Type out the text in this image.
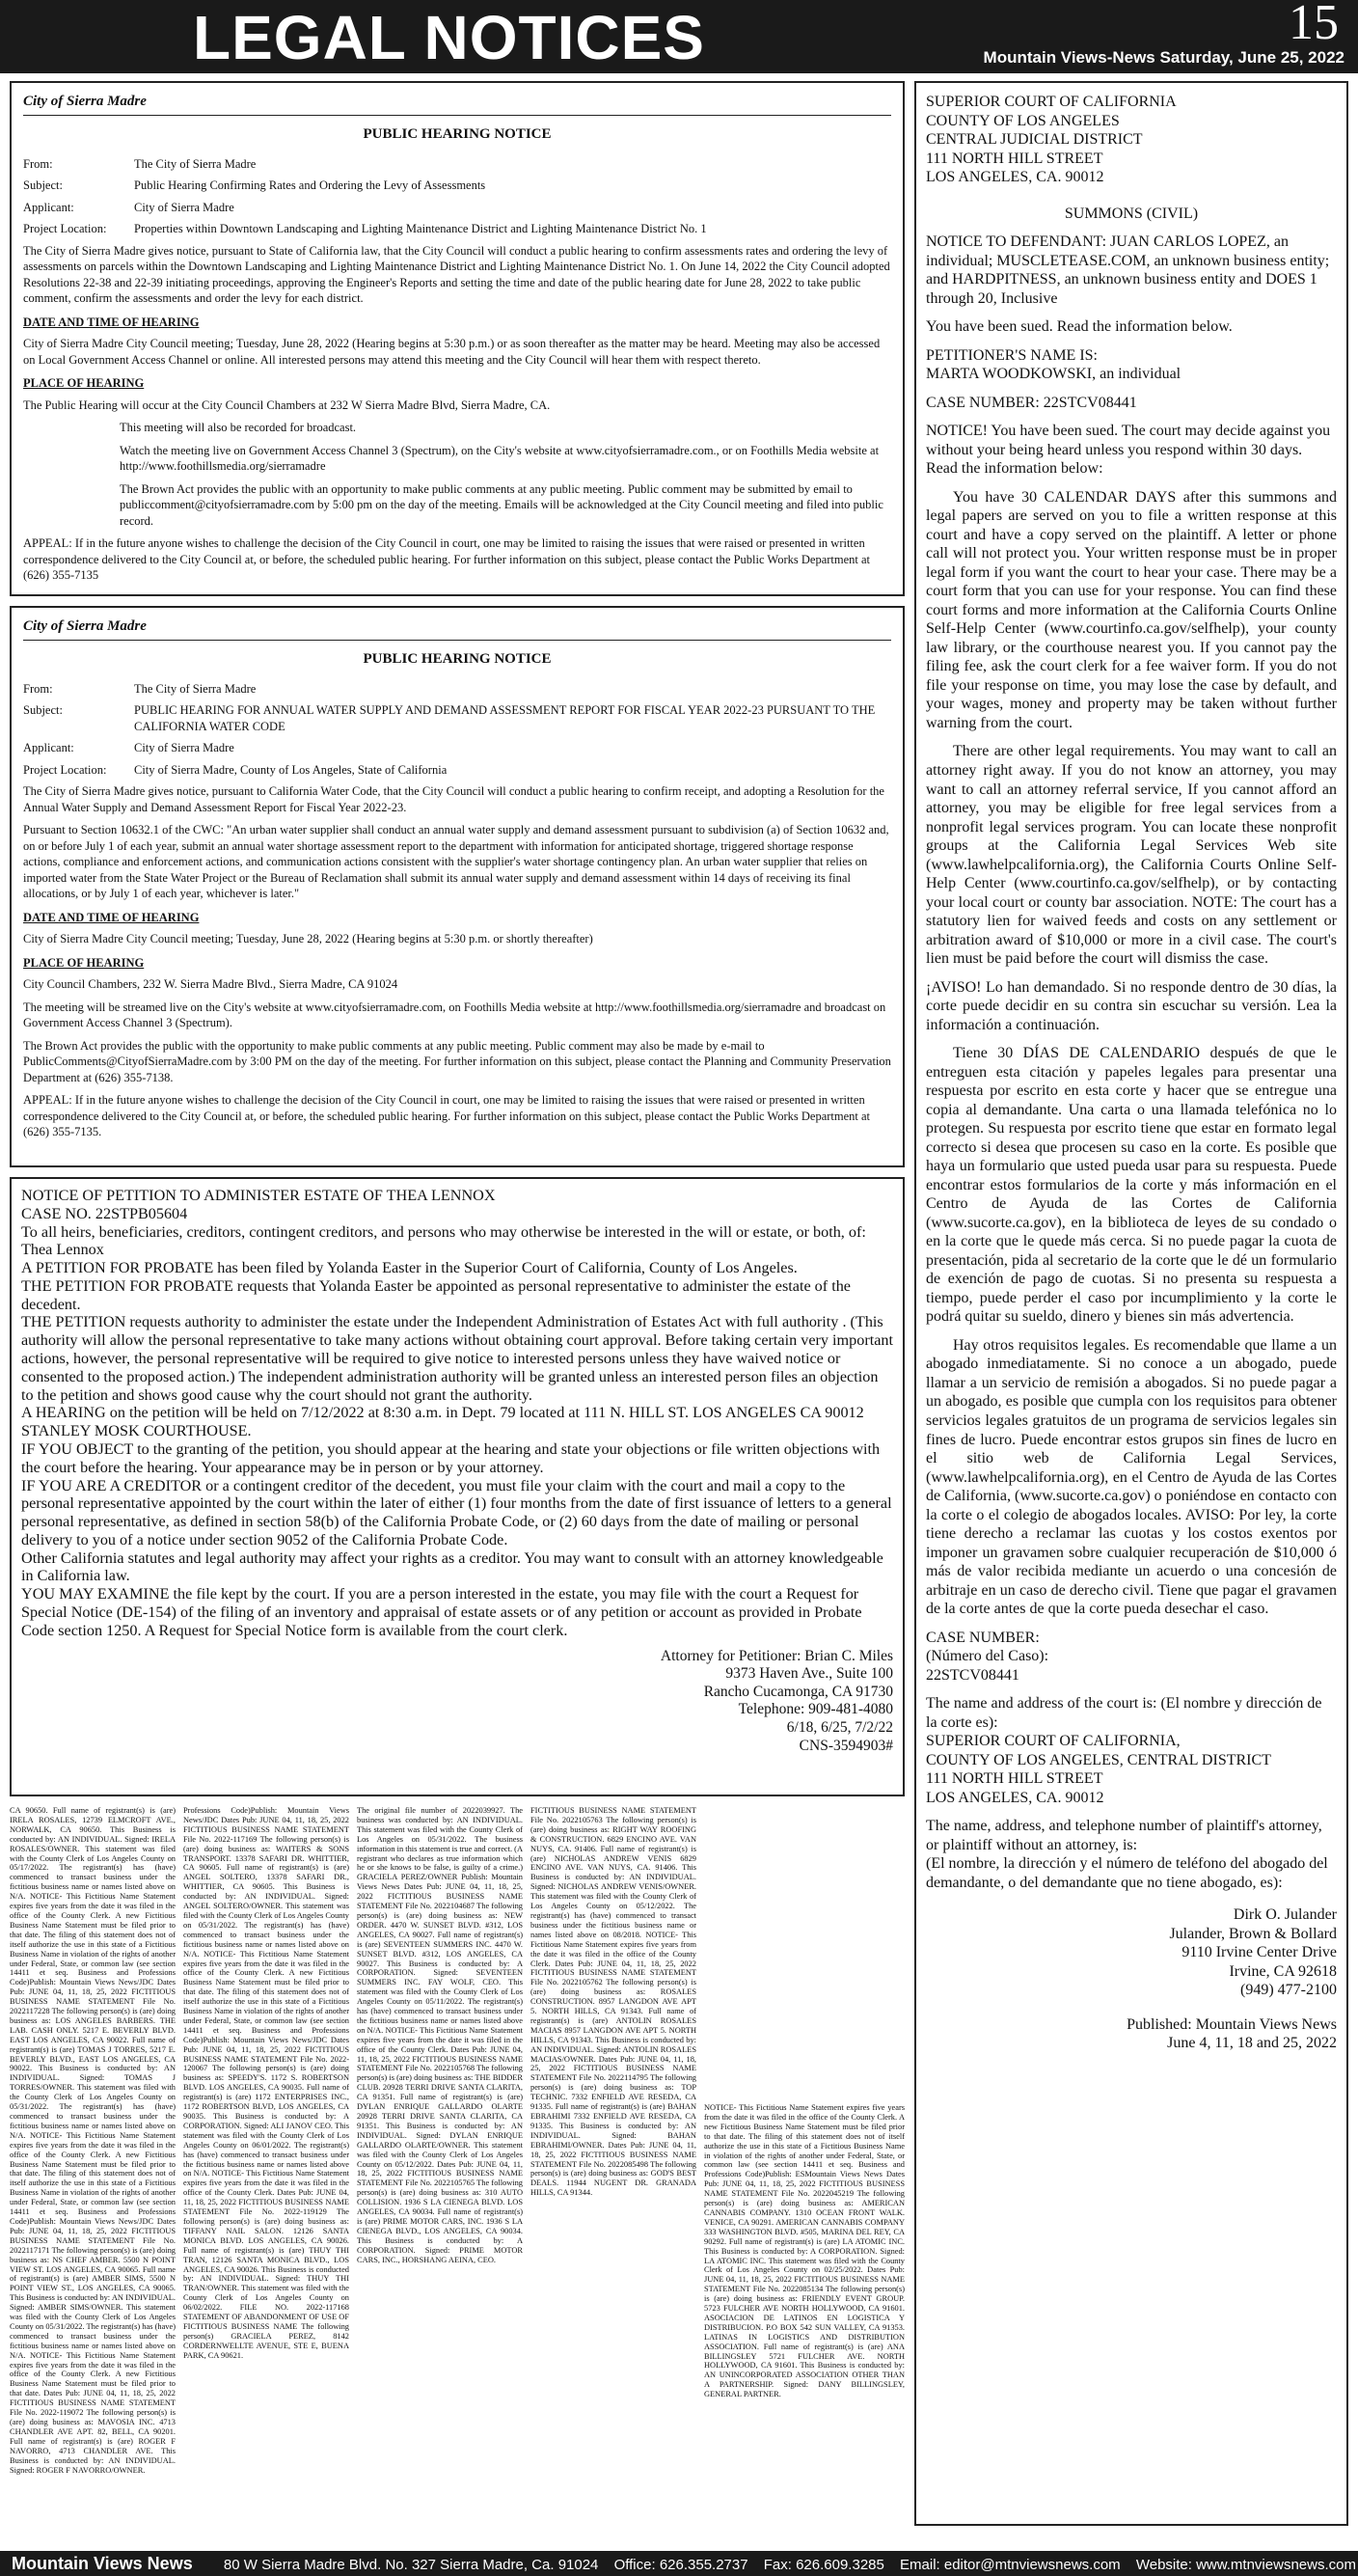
LEGAL NOTICES	15
Mountain Views-News Saturday, June 25, 2022
City of Sierra Madre
PUBLIC HEARING NOTICE
From:	The City of Sierra Madre
Subject:	Public Hearing Confirming Rates and Ordering the Levy of Assessments
Applicant:	City of Sierra Madre
Project Location:	Properties within Downtown Landscaping and Lighting Maintenance District and Lighting Maintenance District No. 1

The City of Sierra Madre gives notice, pursuant to State of California law, that the City Council will conduct a public hearing to confirm assessments rates and ordering the levy of assessments on parcels within the Downtown Landscaping and Lighting Maintenance District and Lighting Maintenance District No. 1. On June 14, 2022 the City Council adopted Resolutions 22-38 and 22-39 initiating proceedings, approving the Engineer's Reports and setting the time and date of the public hearing date for June 28, 2022 to take public comment, confirm the assessments and order the levy for each district.

DATE AND TIME OF HEARING

City of Sierra Madre City Council meeting; Tuesday, June 28, 2022 (Hearing begins at 5:30 p.m.) or as soon thereafter as the matter may be heard. Meeting may also be accessed on Local Government Access Channel or online. All interested persons may attend this meeting and the City Council will hear them with respect thereto.

PLACE OF HEARING

The Public Hearing will occur at the City Council Chambers at 232 W Sierra Madre Blvd, Sierra Madre, CA.

This meeting will also be recorded for broadcast.

Watch the meeting live on Government Access Channel 3 (Spectrum), on the City's website at www.cityofsierramadre.com., or on Foothills Media website at http://www.foothillsmedia.org/sierramadre

The Brown Act provides the public with an opportunity to make public comments at any public meeting. Public comment may be submitted by email to publiccomment@cityofsierramadre.com by 5:00 pm on the day of the meeting. Emails will be acknowledged at the City Council meeting and filed into public record.

APPEAL: If in the future anyone wishes to challenge the decision of the City Council in court, one may be limited to raising the issues that were raised or presented in written correspondence delivered to the City Council at, or before, the scheduled public hearing. For further information on this subject, please contact the Public Works Department at (626) 355-7135

City of Sierra Madre
PUBLIC HEARING NOTICE
From:	The City of Sierra Madre
Subject:	PUBLIC HEARING FOR ANNUAL WATER SUPPLY AND DEMAND ASSESSMENT REPORT FOR FISCAL YEAR 2022-23 PURSUANT TO THE CALIFORNIA WATER CODE
Applicant:	City of Sierra Madre
Project Location:	City of Sierra Madre, County of Los Angeles, State of California

The City of Sierra Madre gives notice, pursuant to California Water Code, that the City Council will conduct a public hearing to confirm receipt, and adopting a Resolution for the Annual Water Supply and Demand Assessment Report for Fiscal Year 2022-23.

Pursuant to Section 10632.1 of the CWC: "An urban water supplier shall conduct an annual water supply and demand assessment pursuant to subdivision (a) of Section 10632 and, on or before July 1 of each year, submit an annual water shortage assessment report to the department with information for anticipated shortage, triggered shortage response actions, compliance and enforcement actions, and communication actions consistent with the supplier's water shortage contingency plan. An urban water supplier that relies on imported water from the State Water Project or the Bureau of Reclamation shall submit its annual water supply and demand assessment within 14 days of receiving its final allocations, or by July 1 of each year, whichever is later."

DATE AND TIME OF HEARING

City of Sierra Madre City Council meeting; Tuesday, June 28, 2022 (Hearing begins at 5:30 p.m. or shortly thereafter)

PLACE OF HEARING

City Council Chambers, 232 W. Sierra Madre Blvd., Sierra Madre, CA 91024

The meeting will be streamed live on the City's website at www.cityofsierramadre.com, on Foothills Media website at http://www.foothillsmedia.org/sierramadre and broadcast on Government Access Channel 3 (Spectrum).

The Brown Act provides the public with the opportunity to make public comments at any public meeting. Public comment may also be made by e-mail to PublicComments@CityofSierraMadre.com by 3:00 PM on the day of the meeting. For further information on this subject, please contact the Planning and Community Preservation Department at (626) 355-7138.

APPEAL: If in the future anyone wishes to challenge the decision of the City Council in court, one may be limited to raising the issues that were raised or presented in written correspondence delivered to the City Council at, or before, the scheduled public hearing. For further information on this subject, please contact the Public Works Department at (626) 355-7135.

NOTICE OF PETITION TO ADMINISTER ESTATE OF THEA LENNOX

CASE NO. 22STPB05604

To all heirs, beneficiaries, creditors, contingent creditors, and persons who may otherwise be interested in the will or estate, or both, of: Thea Lennox

A PETITION FOR PROBATE has been filed by Yolanda Easter in the Superior Court of California, County of Los Angeles.

THE PETITION FOR PROBATE requests that Yolanda Easter be appointed as personal representative to administer the estate of the decedent.

THE PETITION requests authority to administer the estate under the Independent Administration of Estates Act with full authority . (This authority will allow the personal representative to take many actions without obtaining court approval. Before taking certain very important actions, however, the personal representative will be required to give notice to interested persons unless they have waived notice or consented to the proposed action.) The independent administration authority will be granted unless an interested person files an objection to the petition and shows good cause why the court should not grant the authority.

A HEARING on the petition will be held on 7/12/2022 at 8:30 a.m. in Dept. 79 located at 111 N. HILL ST. LOS ANGELES CA 90012 STANLEY MOSK COURTHOUSE.

IF YOU OBJECT to the granting of the petition, you should appear at the hearing and state your objections or file written objections with the court before the hearing. Your appearance may be in person or by your attorney.

IF YOU ARE A CREDITOR or a contingent creditor of the decedent, you must file your claim with the court and mail a copy to the personal representative appointed by the court within the later of either (1) four months from the date of first issuance of letters to a general personal representative, as defined in section 58(b) of the California Probate Code, or (2) 60 days from the date of mailing or personal delivery to you of a notice under section 9052 of the California Probate Code.

Other California statutes and legal authority may affect your rights as a creditor. You may want to consult with an attorney knowledgeable in California law.

YOU MAY EXAMINE the file kept by the court. If you are a person interested in the estate, you may file with the court a Request for Special Notice (DE-154) of the filing of an inventory and appraisal of estate assets or of any petition or account as provided in Probate Code section 1250. A Request for Special Notice form is available from the court clerk.

Attorney for Petitioner: Brian C. Miles
9373 Haven Ave., Suite 100
Rancho Cucamonga, CA 91730
Telephone: 909-481-4080
6/18, 6/25, 7/2/22
CNS-3594903#
SUPERIOR COURT OF CALIFORNIA
COUNTY OF LOS ANGELES
CENTRAL JUDICIAL DISTRICT
111 NORTH HILL STREET
LOS ANGELES, CA. 90012

SUMMONS (CIVIL)

NOTICE TO DEFENDANT: JUAN CARLOS LOPEZ, an individual; MUSCLETEASE.COM, an unknown business entity; and HARDPITNESS, an unknown business entity and DOES 1 through 20, Inclusive

You have been sued. Read the information below.

PETITIONER'S NAME IS:
MARTA WOODKOWSKI, an individual

CASE NUMBER: 22STCV08441

NOTICE! You have been sued. The court may decide against you without your being heard unless you respond within 30 days. Read the information below:

You have 30 CALENDAR DAYS after this summons and legal papers are served on you to file a written response at this court and have a copy served on the plaintiff. A letter or phone call will not protect you. Your written response must be in proper legal form if you want the court to hear your case. There may be a court form that you can use for your response. You can find these court forms and more information at the California Courts Online Self-Help Center (www.courtinfo.ca.gov/selfhelp), your county law library, or the courthouse nearest you. If you cannot pay the filing fee, ask the court clerk for a fee waiver form. If you do not file your response on time, you may lose the case by default, and your wages, money and property may be taken without further warning from the court.

There are other legal requirements. You may want to call an attorney right away. If you do not know an attorney, you may want to call an attorney referral service, If you cannot afford an attorney, you may be eligible for free legal services from a nonprofit legal services program. You can locate these nonprofit groups at the California Legal Services Web site (www.lawhelpcalifornia.org), the California Courts Online Self-Help Center (www.courtinfo.ca.gov/selfhelp), or by contacting your local court or county bar association. NOTE: The court has a statutory lien for waived feeds and costs on any settlement or arbitration award of $10,000 or more in a civil case. The court's lien must be paid before the court will dismiss the case.

¡AVISO! Lo han demandado. Si no responde dentro de 30 días, la corte puede decidir en su contra sin escuchar su versión. Lea la información a continuación.

Tiene 30 DÍAS DE CALENDARIO después de que le entreguen esta citación y papeles legales para presentar una respuesta por escrito en esta corte y hacer que se entregue una copia al demandante. Una carta o una llamada telefónica no lo protegen. Su respuesta por escrito tiene que estar en formato legal correcto si desea que procesen su caso en la corte. Es posible que haya un formulario que usted pueda usar para su respuesta. Puede encontrar estos formularios de la corte y más información en el Centro de Ayuda de las Cortes de California (www.sucorte.ca.gov), en la biblioteca de leyes de su condado o en la corte que le quede más cerca. Si no puede pagar la cuota de presentación, pida al secretario de la corte que le dé un formulario de exención de pago de cuotas. Si no presenta su respuesta a tiempo, puede perder el caso por incumplimiento y la corte le podrá quitar su sueldo, dinero y bienes sin más advertencia.

Hay otros requisitos legales. Es recomendable que llame a un abogado inmediatamente. Si no conoce a un abogado, puede llamar a un servicio de remisión a abogados. Si no puede pagar a un abogado, es posible que cumpla con los requisitos para obtener servicios legales gratuitos de un programa de servicios legales sin fines de lucro. Puede encontrar estos grupos sin fines de lucro en el sitio web de California Legal Services, (www.lawhelpcalifornia.org), en el Centro de Ayuda de las Cortes de California, (www.sucorte.ca.gov) o poniéndose en contacto con la corte o el colegio de abogados locales. AVISO: Por ley, la corte tiene derecho a reclamar las cuotas y los costos exentos por imponer un gravamen sobre cualquier recuperación de $10,000 ó más de valor recibida mediante un acuerdo o una concesión de arbitraje en un caso de derecho civil. Tiene que pagar el gravamen de la corte antes de que la corte pueda desechar el caso.

CASE NUMBER:
(Número del Caso):
22STCV08441

The name and address of the court is: (El nombre y dirección de la corte es):
SUPERIOR COURT OF CALIFORNIA,
COUNTY OF LOS ANGELES, CENTRAL DISTRICT
111 NORTH HILL STREET
LOS ANGELES, CA. 90012

The name, address, and telephone number of plaintiff's attorney, or plaintiff without an attorney, is:
(El nombre, la dirección y el número de teléfono del abogado del demandante, o del demandante que no tiene abogado, es):

Dirk O. Julander
Julander, Brown & Bollard
9110 Irvine Center Drive
Irvine, CA 92618
(949) 477-2100
Published: Mountain Views News
June 4, 11, 18 and 25, 2022

CA 90650. Full name of registrant(s) is (are) IRELA ROSALES, 12739 ELMCROFT AVE., NORWALK, CA 90650. This Business is conducted by: AN INDIVIDUAL. Signed: IRELA ROSALES/OWNER. This statement was filed with the County Clerk of Los Angeles County on 05/17/2022. The registrant(s) has (have) commenced to transact business under the fictitious business name or names listed above on N/A. NOTICE- This Fictitious Name Statement expires five years from the date it was filed in the office of the County Clerk. A new Fictitious Business Name Statement must be filed prior to that date. The filing of this statement does not of itself authorize the use in this state of a Fictitious Business Name in violation of the rights of another under Federal, State, or common law (see section 14411 et seq. Business and Professions Code)Publish: Mountain Views News/JDC Dates Pub: JUNE 04, 11, 18, 25, 2022 FICTITIOUS BUSINESS NAME STATEMENT File No. 2022117228 The following person(s) is (are) doing business as: LOS ANGELES BARBERS. THE LAB. CASH ONLY. 5217 E. BEVERLY BLVD. EAST LOS ANGELES, CA 90022. Full name of registrant(s) is (are) TOMAS J TORRES, 5217 E. BEVERLY BLVD., EAST LOS ANGELES, CA 90022. This Business is conducted by: AN INDIVIDUAL. Signed: TOMAS J TORRES/OWNER. This statement was filed with the County Clerk of Los Angeles County on 05/31/2022. The registrant(s) has (have) commenced to transact business under the fictitious business name or names listed above on N/A. NOTICE- This Fictitious Name Statement expires five years from the date it was filed in the office of the County Clerk. A new Fictitious Business Name Statement must be filed prior to that date. The filing of this statement does not of itself authorize the use in this state of a Fictitious Business Name in violation of the rights of another under Federal, State, or common law (see section 14411 et seq. Business and Professions Code)Publish: Mountain Views News/JDC Dates Pub: JUNE 04, 11, 18, 25, 2022 FICTITIOUS BUSINESS NAME STATEMENT File No. 2022117171 The following person(s) is (are) doing business as: NS CHEF AMBER. 5500 N POINT VIEW ST. LOS ANGELES, CA 90065. Full name of registrant(s) is (are) AMBER SIMS, 5500 N POINT VIEW ST., LOS ANGELES, CA 90065. This Business is conducted by: AN INDIVIDUAL. Signed: AMBER SIMS/OWNER. This statement was filed with the County Clerk of Los Angeles County on 05/31/2022. The registrant(s) has (have) commenced to transact business under the fictitious business name or names listed above on N/A. NOTICE- This Fictitious Name Statement expires five years from the date it was filed in the office of the County Clerk. A new Fictitious Business Name Statement must be filed prior to that date. Dates Pub: JUNE 04, 11, 18, 25, 2022 FICTITIOUS BUSINESS NAME STATEMENT File No. 2022-119072 The following person(s) is (are) doing business as: MAVOSIA INC. 4713 CHANDLER AVE APT. 82, BELL, CA 90201. Full name of registrant(s) is (are) ROGER F NAVORRO, 4713 CHANDLER AVE. This Business is conducted by: AN INDIVIDUAL. Signed: ROGER F NAVORRO/OWNER.

Professions Code)Publish: Mountain Views News/JDC Dates Pub: JUNE 04, 11, 18, 25, 2022 FICTITIOUS BUSINESS NAME STATEMENT File No. 2022-117169 The following person(s) is (are) doing business as: WAITERS & SONS TRANSPORT. 13378 SAFARI DR. WHITTIER, CA 90605. Full name of registrant(s) is (are) ANGEL SOLTERO, 13378 SAFARI DR., WHITTIER, CA 90605. This Business is conducted by: AN INDIVIDUAL. Signed: ANGEL SOLTERO/OWNER. This statement was filed with the County Clerk of Los Angeles County on 05/31/2022. The registrant(s) has (have) commenced to transact business under the fictitious business name or names listed above on N/A. NOTICE- This Fictitious Name Statement expires five years from the date it was filed in the office of the County Clerk. A new Fictitious Business Name Statement must be filed prior to that date. The filing of this statement does not of itself authorize the use in this state of a Fictitious Business Name in violation of the rights of another under Federal, State, or common law (see section 14411 et seq. Business and Professions Code)Publish: Mountain Views News/JDC Dates Pub: JUNE 04, 11, 18, 25, 2022 FICTITIOUS BUSINESS NAME STATEMENT File No. 2022-120067 The following person(s) is (are) doing business as: SPEEDY'S. 1172 S. ROBERTSON BLVD. LOS ANGELES, CA 90035. Full name of registrant(s) is (are) 1172 ENTERPRISES INC., 1172 ROBERTSON BLVD, LOS ANGELES, CA 90035. This Business is conducted by: A CORPORATION. Signed: ALI JANOV CEO. This statement was filed with the County Clerk of Los Angeles County on 06/01/2022. The registrant(s) has (have) commenced to transact business under the fictitious business name or names listed above on N/A. NOTICE- This Fictitious Name Statement expires five years from the date it was filed in the office of the County Clerk. Dates Pub: JUNE 04, 11, 18, 25, 2022 FICTITIOUS BUSINESS NAME STATEMENT File No. 2022-119129 The following person(s) is (are) doing business as: TIFFANY NAIL SALON. 12126 SANTA MONICA BLVD. LOS ANGELES, CA 90026. Full name of registrant(s) is (are) THUY THI TRAN, 12126 SANTA MONICA BLVD., LOS ANGELES, CA 90026. This Business is conducted by: AN INDIVIDUAL. Signed: THUY THI TRAN/OWNER. This statement was filed with the County Clerk of Los Angeles County on 06/02/2022. FILE NO. 2022-117168 STATEMENT OF ABANDONMENT OF USE OF FICTITIOUS BUSINESS NAME The following person(s) GRACIELA PEREZ, 8142 CORDERNWELLTE AVENUE, STE E, BUENA PARK, CA 90621.

The original file number of 2022039927. The business was conducted by: AN INDIVIDUAL. This statement was filed with the County Clerk of Los Angeles on 05/31/2022. The business information in this statement is true and correct. (A registrant who declares as true information which he or she knows to be false, is guilty of a crime.) GRACIELA PEREZ/OWNER Publish: Mountain Views News Dates Pub: JUNE 04, 11, 18, 25, 2022 FICTITIOUS BUSINESS NAME STATEMENT File No. 2022104687 The following person(s) is (are) doing business as: NEW ORDER. 4470 W. SUNSET BLVD. #312, LOS ANGELES, CA 90027. Full name of registrant(s) is (are) SEVENTEEN SUMMERS INC. 4470 W. SUNSET BLVD. #312, LOS ANGELES, CA 90027. This Business is conducted by: A CORPORATION. Signed: SEVENTEEN SUMMERS INC. FAY WOLF, CEO. This statement was filed with the County Clerk of Los Angeles County on 05/11/2022. The registrant(s) has (have) commenced to transact business under the fictitious business name or names listed above on N/A. NOTICE- This Fictitious Name Statement expires five years from the date it was filed in the office of the County Clerk. Dates Pub: JUNE 04, 11, 18, 25, 2022 FICTITIOUS BUSINESS NAME STATEMENT File No. 2022105768 The following person(s) is (are) doing business as: THE BIDDER CLUB. 20928 TERRI DRIVE SANTA CLARITA, CA 91351. Full name of registrant(s) is (are) DYLAN ENRIQUE GALLARDO OLARTE 20928 TERRI DRIVE SANTA CLARITA, CA 91351. This Business is conducted by: AN INDIVIDUAL. Signed: DYLAN ENRIQUE GALLARDO OLARTE/OWNER. This statement was filed with the County Clerk of Los Angeles County on 05/12/2022. Dates Pub: JUNE 04, 11, 18, 25, 2022 FICTITIOUS BUSINESS NAME STATEMENT File No. 2022105765 The following person(s) is (are) doing business as: 310 AUTO COLLISION. 1936 S LA CIENEGA BLVD. LOS ANGELES, CA 90034. Full name of registrant(s) is (are) PRIME MOTOR CARS, INC. 1936 S LA CIENEGA BLVD., LOS ANGELES, CA 90034. This Business is conducted by: A CORPORATION. Signed: PRIME MOTOR CARS, INC., HORSHANG AEINA, CEO.

FICTITIOUS BUSINESS NAME STATEMENT File No. 2022105763 The following person(s) is (are) doing business as: RIGHT WAY ROOFING & CONSTRUCTION. 6829 ENCINO AVE. VAN NUYS, CA. 91406. Full name of registrant(s) is (are) NICHOLAS ANDREW VENIS 6829 ENCINO AVE. VAN NUYS, CA. 91406. This Business is conducted by: AN INDIVIDUAL. Signed: NICHOLAS ANDREW VENIS/OWNER. This statement was filed with the County Clerk of Los Angeles County on 05/12/2022. The registrant(s) has (have) commenced to transact business under the fictitious business name or names listed above on 08/2018. NOTICE- This Fictitious Name Statement expires five years from the date it was filed in the office of the County Clerk. Dates Pub: JUNE 04, 11, 18, 25, 2022 FICTITIOUS BUSINESS NAME STATEMENT File No. 2022105762 The following person(s) is (are) doing business as: ROSALES CONSTRUCTION. 8957 LANGDON AVE APT 5. NORTH HILLS, CA 91343. Full name of registrant(s) is (are) ANTOLIN ROSALES MACIAS 8957 LANGDON AVE APT 5. NORTH HILLS, CA 91343. This Business is conducted by: AN INDIVIDUAL. Signed: ANTOLIN ROSALES MACIAS/OWNER. Dates Pub: JUNE 04, 11, 18, 25, 2022 FICTITIOUS BUSINESS NAME STATEMENT File No. 2022114795 The following person(s) is (are) doing business as: TOP TECHNIC. 7332 ENFIELD AVE RESEDA, CA 91335. Full name of registrant(s) is (are) BAHAN EBRAHIMI 7332 ENFIELD AVE RESEDA, CA 91335. This Business is conducted by: AN INDIVIDUAL. Signed: BAHAN EBRAHIMI/OWNER. Dates Pub: JUNE 04, 11, 18, 25, 2022 FICTITIOUS BUSINESS NAME STATEMENT File No. 2022085498 The following person(s) is (are) doing business as: GOD'S BEST DEALS. 11944 NUGENT DR. GRANADA HILLS, CA 91344.

NOTICE- This Fictitious Name Statement expires five years from the date it was filed in the office of the County Clerk. A new Fictitious Business Name Statement must be filed prior to that date. The filing of this statement does not of itself authorize the use in this state of a Fictitious Business Name in violation of the rights of another under Federal, State, or common law (see section 14411 et seq. Business and Professions Code)Publish: ESMountain Views News Dates Pub: JUNE 04, 11, 18, 25, 2022 FICTITIOUS BUSINESS NAME STATEMENT File No. 2022045219 The following person(s) is (are) doing business as: AMERICAN CANNABIS COMPANY. 1310 OCEAN FRONT WALK. VENICE, CA 90291. AMERICAN CANNABIS COMPANY 333 WASHINGTON BLVD. #505, MARINA DEL REY, CA 90292. Full name of registrant(s) is (are) LA ATOMIC INC. This Business is conducted by: A CORPORATION. Signed: LA ATOMIC INC. This statement was filed with the County Clerk of Los Angeles County on 02/25/2022. Dates Pub: JUNE 04, 11, 18, 25, 2022 FICTITIOUS BUSINESS NAME STATEMENT File No. 2022085134 The following person(s) is (are) doing business as: FRIENDLY EVENT GROUP. 5723 FULCHER AVE NORTH HOLLYWOOD, CA 91601. ASOCIACION DE LATINOS EN LOGISTICA Y DISTRIBUCION. P.O BOX 542 SUN VALLEY, CA 91353. LATINAS IN LOGISTICS AND DISTRIBUTION ASSOCIATION. Full name of registrant(s) is (are) ANA BILLINGSLEY 5721 FULCHER AVE. NORTH HOLLYWOOD, CA 91601. This Business is conducted by: AN UNINCORPORATED ASSOCIATION OTHER THAN A PARTNERSHIP. Signed: DANY BILLINGSLEY, GENERAL PARTNER.

Mountain Views News 80 W Sierra Madre Blvd. No. 327 Sierra Madre, Ca. 91024 Office: 626.355.2737 Fax: 626.609.3285 Email: editor@mtnviewsnews.com Website: www.mtnviewsnews.com
